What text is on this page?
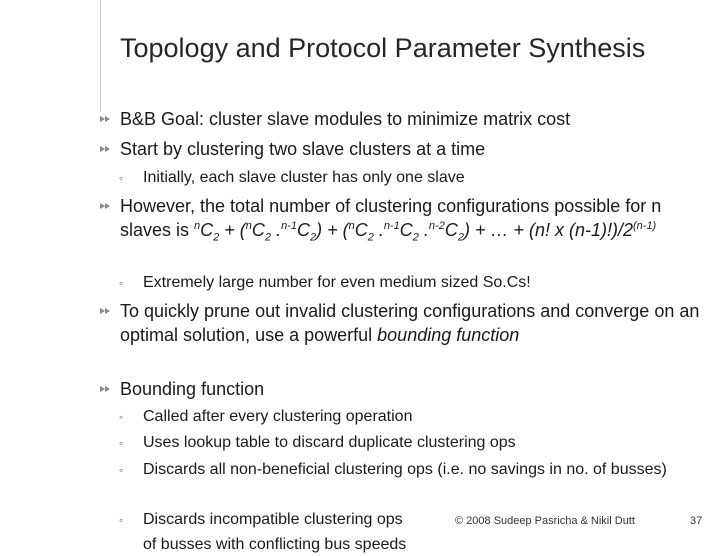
Topology and Protocol Parameter Synthesis
B&B Goal: cluster slave modules to minimize matrix cost
Start by clustering two slave clusters at a time
◦ Initially, each slave cluster has only one slave
However, the total number of clustering configurations possible for n slaves is $^nC_2 + (^nC_2$ $.^{n-1}C_2) + (^nC_2$ $.^{n-1}C_2$ $.^{n-2}C_2$) + … + (n! x (n-1)!)/2$^{(n-1)}$
◦ Extremely large number for even medium sized So.Cs!
To quickly prune out invalid clustering configurations and converge on an optimal solution, use a powerful bounding function
Bounding function
◦ Called after every clustering operation
◦ Uses lookup table to discard duplicate clustering ops
◦ Discards all non-beneficial clustering ops (i.e. no savings in no. of busses)
◦ Discards incompatible clustering ops
of busses with conflicting bus speeds
© 2008 Sudeep Pasricha & Nikil Dutt	37
